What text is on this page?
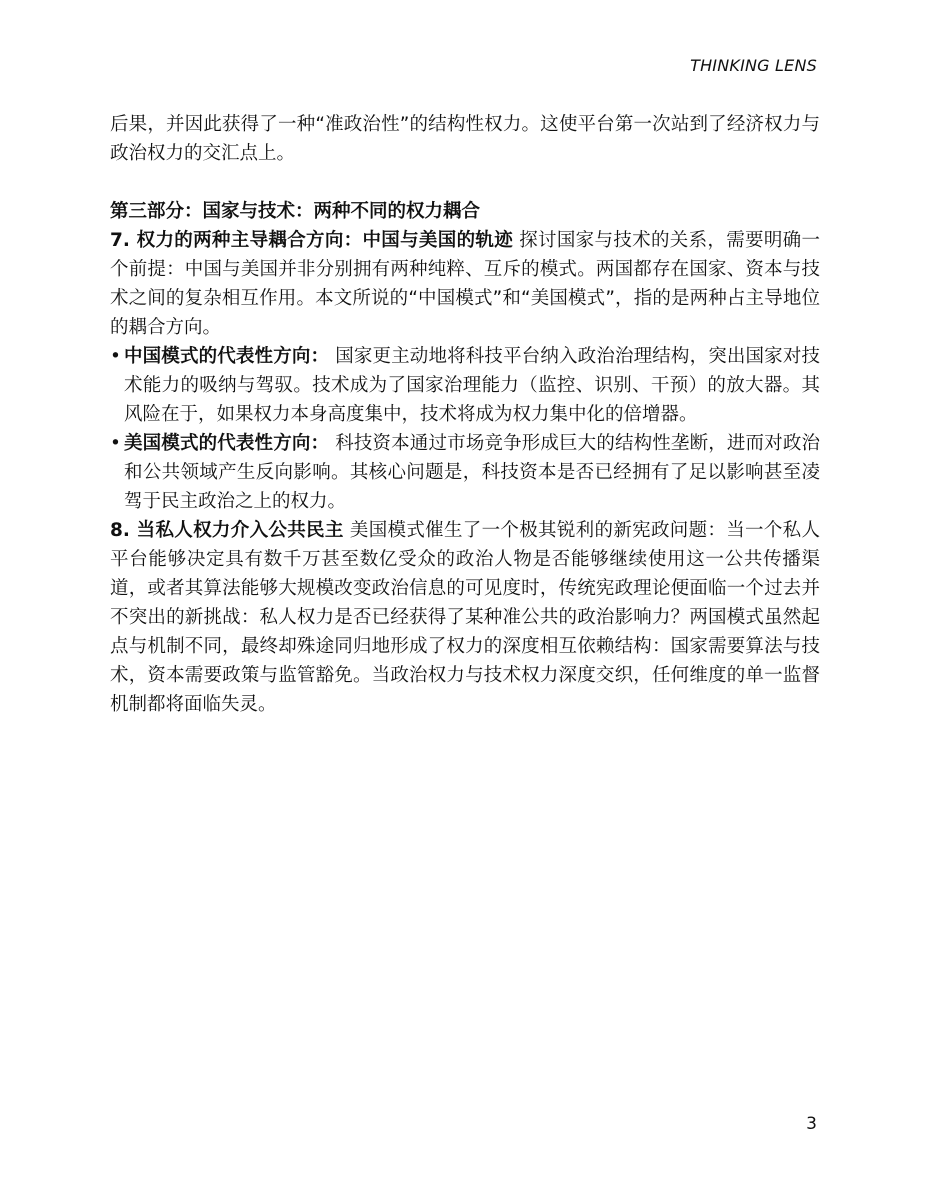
THINKING LENS

后果，并因此获得了一种“准政治性”的结构性权力。这使平台第一次站到了经济权力与政治权力的交汇点上。

第三部分：国家与技术：两种不同的权力耦合

7. 权力的两种主导耦合方向：中国与美国的轨迹 探讨国家与技术的关系，需要明确一个前提：中国与美国并非分别拥有两种纯粹、互斥的模式。两国都存在国家、资本与技术之间的复杂相互作用。本文所说的“中国模式”和“美国模式”，指的是两种占主导地位的耦合方向。

• 中国模式的代表性方向： 国家更主动地将科技平台纳入政治治理结构，突出国家对技术能力的吸纳与驾驭。技术成为了国家治理能力（监控、识别、干预）的放大器。其风险在于，如果权力本身高度集中，技术将成为权力集中化的倍增器。
• 美国模式的代表性方向： 科技资本通过市场竞争形成巨大的结构性垄断，进而对政治和公共领域产生反向影响。其核心问题是，科技资本是否已经拥有了足以影响甚至凌驾于民主政治之上的权力。

8. 当私人权力介入公共民主 美国模式催生了一个极其锐利的新宪政问题：当一个私人平台能够决定具有数千万甚至数亿受众的政治人物是否能够继续使用这一公共传播渠道，或者其算法能够大规模改变政治信息的可见度时，传统宪政理论便面临一个过去并不突出的新挑战：私人权力是否已经获得了某种准公共的政治影响力？两国模式虽然起点与机制不同，最终却殊途同归地形成了权力的深度相互依赖结构：国家需要算法与技术，资本需要政策与监管豁免。当政治权力与技术权力深度交织，任何维度的单一监督机制都将面临失灵。

3
